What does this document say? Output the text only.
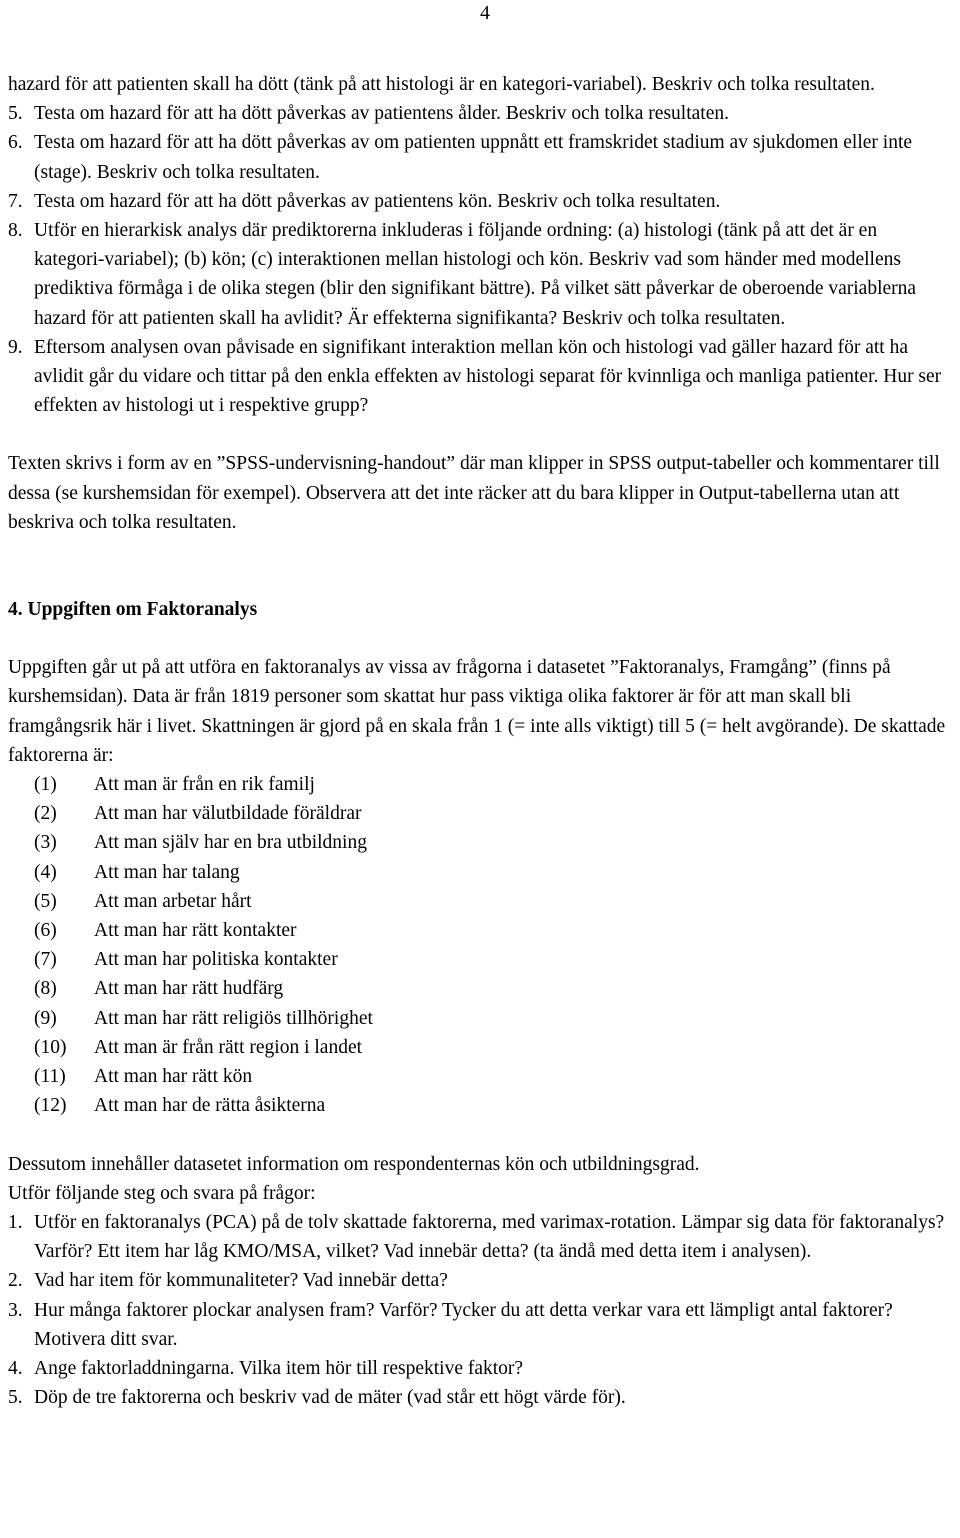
4

hazard för att patienten skall ha dött (tänk på att histologi är en kategori-variabel). Beskriv och tolka resultaten.

5. Testa om hazard för att ha dött påverkas av patientens ålder. Beskriv och tolka resultaten.
6. Testa om hazard för att ha dött påverkas av om patienten uppnått ett framskridet stadium av sjukdomen eller inte (stage). Beskriv och tolka resultaten.
7. Testa om hazard för att ha dött påverkas av patientens kön. Beskriv och tolka resultaten.
8. Utför en hierarkisk analys där prediktorerna inkluderas i följande ordning: (a) histologi (tänk på att det är en kategori-variabel); (b) kön; (c) interaktionen mellan histologi och kön. Beskriv vad som händer med modellens prediktiva förmåga i de olika stegen (blir den signifikant bättre). På vilket sätt påverkar de oberoende variablerna hazard för att patienten skall ha avlidit? Är effekterna signifikanta? Beskriv och tolka resultaten.
9. Eftersom analysen ovan påvisade en signifikant interaktion mellan kön och histologi vad gäller hazard för att ha avlidit går du vidare och tittar på den enkla effekten av histologi separat för kvinnliga och manliga patienter. Hur ser effekten av histologi ut i respektive grupp?

Texten skrivs i form av en ”SPSS-undervisning-handout” där man klipper in SPSS output-tabeller och kommentarer till dessa (se kurshemsidan för exempel). Observera att det inte räcker att du bara klipper in Output-tabellerna utan att beskriva och tolka resultaten.

4. Uppgiften om Faktoranalys

Uppgiften går ut på att utföra en faktoranalys av vissa av frågorna i datasetet ”Faktoranalys, Framgång” (finns på kurshemsidan). Data är från 1819 personer som skattat hur pass viktiga olika faktorer är för att man skall bli framgångsrik här i livet. Skattningen är gjord på en skala från 1 (= inte alls viktigt) till 5 (= helt avgörande). De skattade faktorerna är:

(1) Att man är från en rik familj
(2) Att man har välutbildade föräldrar
(3) Att man själv har en bra utbildning
(4) Att man har talang
(5) Att man arbetar hårt
(6) Att man har rätt kontakter
(7) Att man har politiska kontakter
(8) Att man har rätt hudfärg
(9) Att man har rätt religiös tillhörighet
(10) Att man är från rätt region i landet
(11) Att man har rätt kön
(12) Att man har de rätta åsikterna

Dessutom innehåller datasetet information om respondenternas kön och utbildningsgrad.

Utför följande steg och svara på frågor:

1. Utför en faktoranalys (PCA) på de tolv skattade faktorerna, med varimax-rotation. Lämpar sig data för faktoranalys? Varför? Ett item har låg KMO/MSA, vilket? Vad innebär detta? (ta ändå med detta item i analysen).
2. Vad har item för kommunaliteter? Vad innebär detta?
3. Hur många faktorer plockar analysen fram? Varför? Tycker du att detta verkar vara ett lämpligt antal faktorer? Motivera ditt svar.
4. Ange faktorladdningarna. Vilka item hör till respektive faktor?
5. Döp de tre faktorerna och beskriv vad de mäter (vad står ett högt värde för).
